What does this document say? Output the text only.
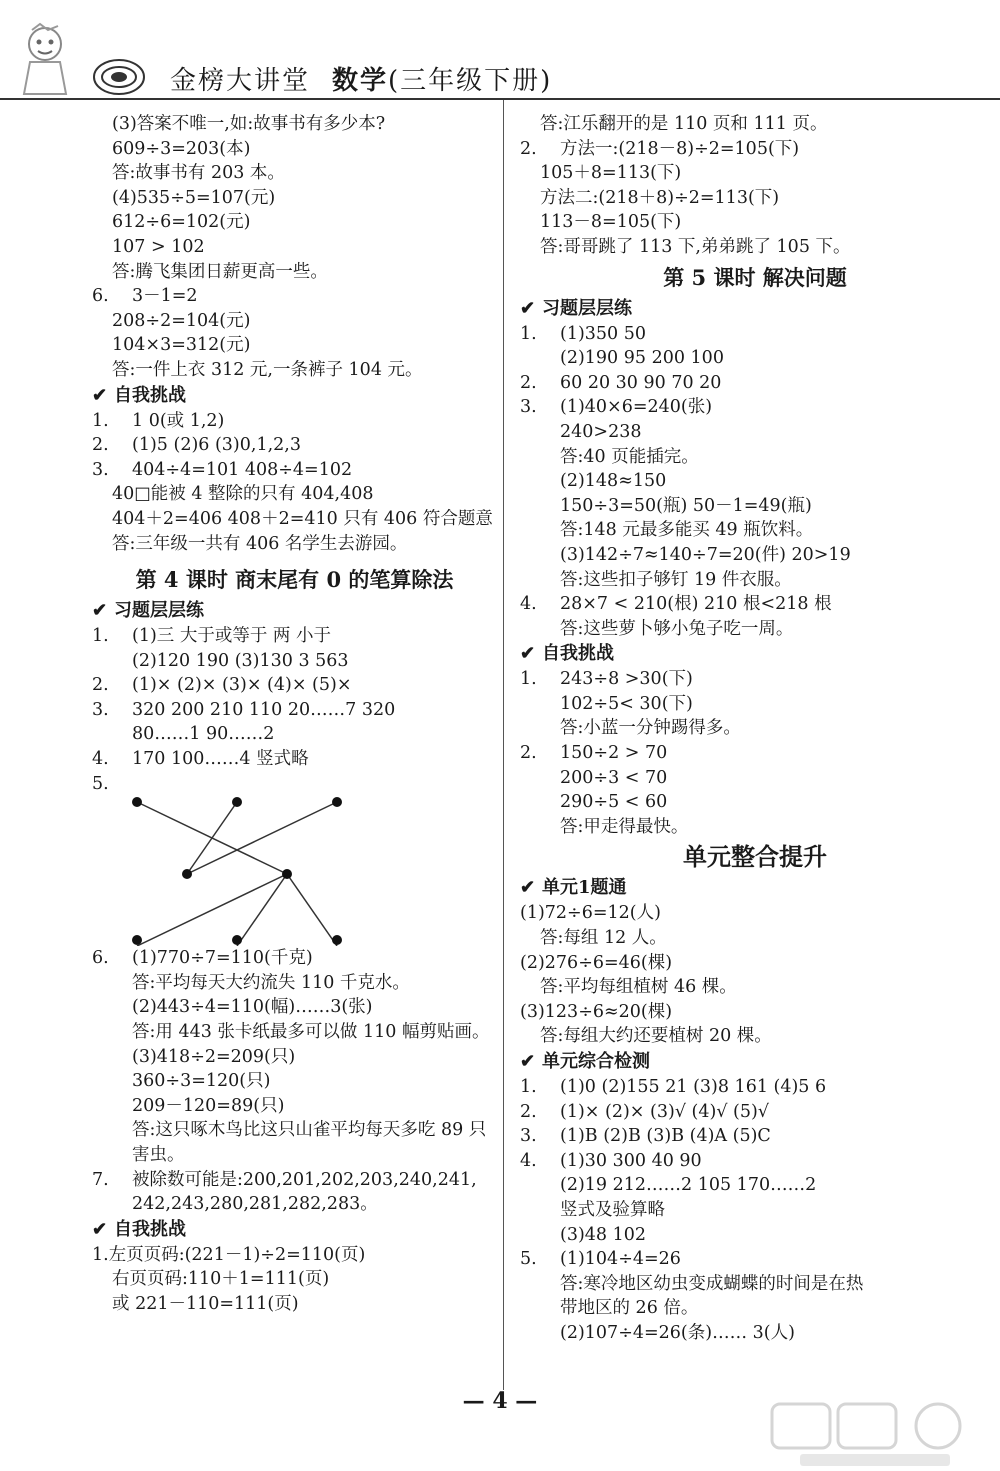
金榜大讲堂 数学(三年级下册)
(3)答案不唯一,如:故事书有多少本?
609÷3=203(本)
答:故事书有 203 本。
(4)535÷5=107(元)
612÷6=102(元)
107 > 102
答:腾飞集团日薪更高一些。
6. 3－1=2
208÷2=104(元)
104×3=312(元)
答:一件上衣 312 元,一条裤子 104 元。
✔ 自我挑战
1. 1 0(或 1,2)
2. (1)5 (2)6 (3)0,1,2,3
3. 404÷4=101 408÷4=102
40□能被 4 整除的只有 404,408
404＋2=406 408＋2=410 只有 406 符合题意
答:三年级一共有 406 名学生去游园。
第 4 课时 商末尾有 0 的笔算除法
✔ 习题层层练
1. (1)三 大于或等于 两 小于
(2)120 190 (3)130 3 563
2. (1)× (2)× (3)× (4)× (5)×
3. 320 200 210 110 20……7 320
80……1 90……2
4. 170 100……4 竖式略
5.
6. (1)770÷7=110(千克)
答:平均每天大约流失 110 千克水。
(2)443÷4=110(幅)……3(张)
答:用 443 张卡纸最多可以做 110 幅剪贴画。
(3)418÷2=209(只)
360÷3=120(只)
209－120=89(只)
答:这只啄木鸟比这只山雀平均每天多吃 89 只害虫。
7. 被除数可能是:200,201,202,203,240,241,
242,243,280,281,282,283。
✔ 自我挑战
1.左页页码:(221－1)÷2=110(页)
右页页码:110＋1=111(页)
或 221－110=111(页)
答:江乐翻开的是 110 页和 111 页。
2. 方法一:(218－8)÷2=105(下)
105＋8=113(下)
方法二:(218＋8)÷2=113(下)
113－8=105(下)
答:哥哥跳了 113 下,弟弟跳了 105 下。
第 5 课时 解决问题
✔ 习题层层练
1. (1)350 50
(2)190 95 200 100
2. 60 20 30 90 70 20
3. (1)40×6=240(张)
240>238
答:40 页能插完。
(2)148≈150
150÷3=50(瓶) 50－1=49(瓶)
答:148 元最多能买 49 瓶饮料。
(3)142÷7≈140÷7=20(件) 20>19
答:这些扣子够钉 19 件衣服。
4. 28×7 < 210(根) 210 根<218 根
答:这些萝卜够小兔子吃一周。
✔ 自我挑战
1. 243÷8 >30(下)
102÷5< 30(下)
答:小蓝一分钟踢得多。
2. 150÷2 > 70
200÷3 < 70
290÷5 < 60
答:甲走得最快。
单元整合提升
✔ 单元1题通
(1)72÷6=12(人)
答:每组 12 人。
(2)276÷6=46(棵)
答:平均每组植树 46 棵。
(3)123÷6≈20(棵)
答:每组大约还要植树 20 棵。
✔ 单元综合检测
1. (1)0 (2)155 21 (3)8 161 (4)5 6
2. (1)× (2)× (3)√ (4)√ (5)√
3. (1)B (2)B (3)B (4)A (5)C
4. (1)30 300 40 90
(2)19 212……2 105 170……2
竖式及验算略
(3)48 102
5. (1)104÷4=26
答:寒冷地区幼虫变成蝴蝶的时间是在热
带地区的 26 倍。
(2)107÷4=26(条)…… 3(人)
— 4 —
